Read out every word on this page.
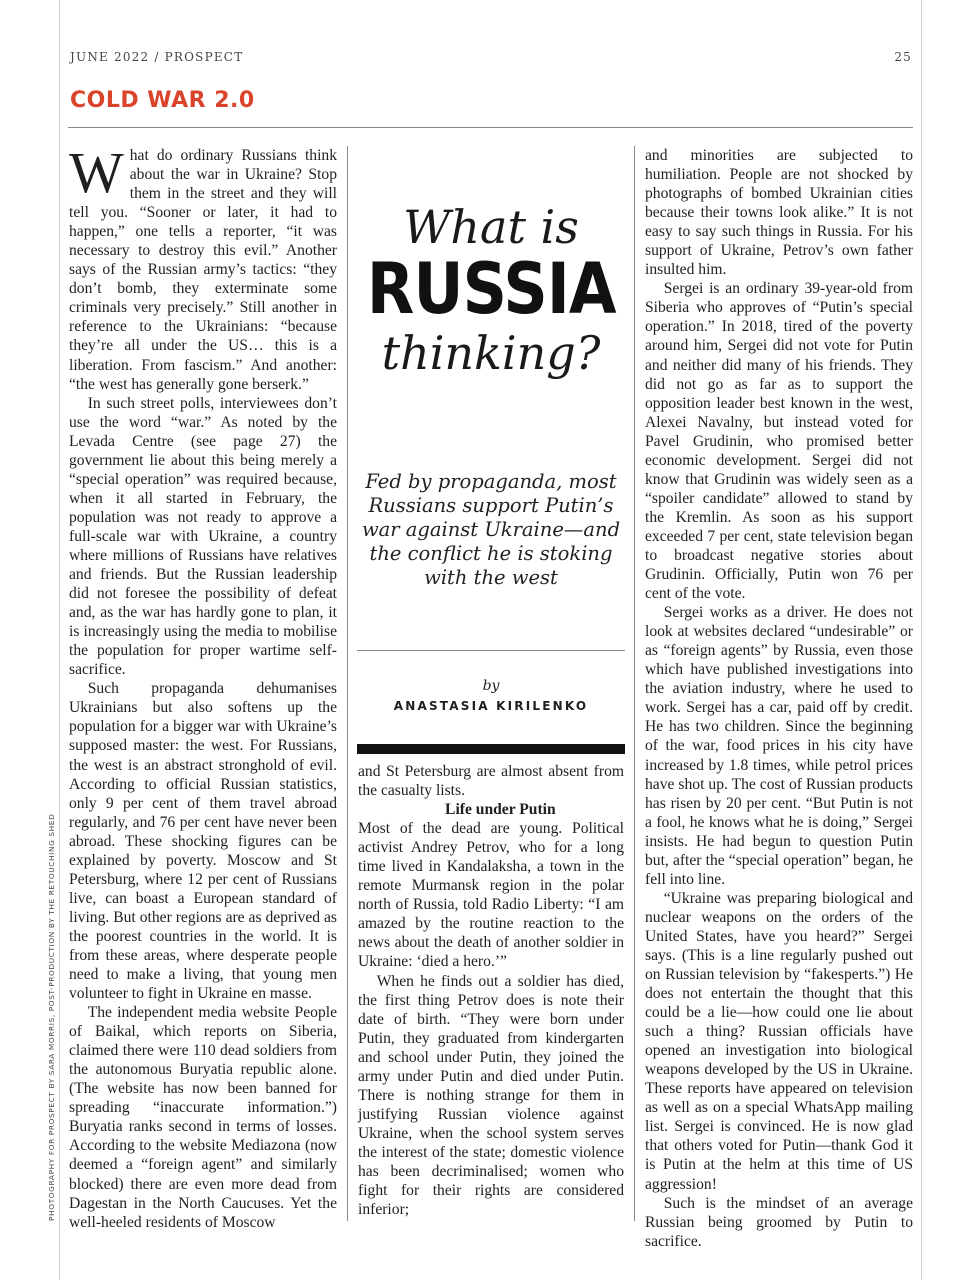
JUNE 2022 / PROSPECT	25
COLD WAR 2.0

What do ordinary Russians think about the war in Ukraine? Stop them in the street and they will tell you. “Sooner or later, it had to happen,” one tells a reporter, “it was necessary to destroy this evil.” Another says of the Russian army’s tactics: “they don’t bomb, they exterminate some criminals very precisely.” Still another in reference to the Ukrainians: “because they’re all under the US… this is a liberation. From fascism.” And another: “the west has generally gone berserk.”

In such street polls, interviewees don’t use the word “war.” As noted by the Levada Centre (see page 27) the government lie about this being merely a “special operation” was required because, when it all started in February, the population was not ready to approve a full-scale war with Ukraine, a country where millions of Russians have relatives and friends. But the Russian leadership did not foresee the possibility of defeat and, as the war has hardly gone to plan, it is increasingly using the media to mobilise the population for proper wartime self-sacrifice.

Such propaganda dehumanises Ukrainians but also softens up the population for a bigger war with Ukraine’s supposed master: the west. For Russians, the west is an abstract stronghold of evil. According to official Russian statistics, only 9 per cent of them travel abroad regularly, and 76 per cent have never been abroad. These shocking figures can be explained by poverty. Moscow and St Petersburg, where 12 per cent of Russians live, can boast a European standard of living. But other regions are as deprived as the poorest countries in the world. It is from these areas, where desperate people need to make a living, that young men volunteer to fight in Ukraine en masse.

The independent media website People of Baikal, which reports on Siberia, claimed there were 110 dead soldiers from the autonomous Buryatia republic alone. (The website has now been banned for spreading “inaccurate information.”) Buryatia ranks second in terms of losses. According to the website Mediazona (now deemed a “foreign agent” and similarly blocked) there are even more dead from Dagestan in the North Caucuses. Yet the well-heeled residents of Moscow

What is
RUSSIA
thinking?
Fed by propaganda, most Russians support Putin’s war against Ukraine—and the conflict he is stoking with the west
by
ANASTASIA KIRILENKO

and St Petersburg are almost absent from the casualty lists.

Life under Putin

Most of the dead are young. Political activist Andrey Petrov, who for a long time lived in Kandalaksha, a town in the remote Murmansk region in the polar north of Russia, told Radio Liberty: “I am amazed by the routine reaction to the news about the death of another soldier in Ukraine: ‘died a hero.’”

When he finds out a soldier has died, the first thing Petrov does is note their date of birth. “They were born under Putin, they graduated from kindergarten and school under Putin, they joined the army under Putin and died under Putin. There is nothing strange for them in justifying Russian violence against Ukraine, when the school system serves the interest of the state; domestic violence has been decriminalised; women who fight for their rights are considered inferior;

and minorities are subjected to humiliation. People are not shocked by photographs of bombed Ukrainian cities because their towns look alike.” It is not easy to say such things in Russia. For his support of Ukraine, Petrov’s own father insulted him.

Sergei is an ordinary 39-year-old from Siberia who approves of “Putin’s special operation.” In 2018, tired of the poverty around him, Sergei did not vote for Putin and neither did many of his friends. They did not go as far as to support the opposition leader best known in the west, Alexei Navalny, but instead voted for Pavel Grudinin, who promised better economic development. Sergei did not know that Grudinin was widely seen as a “spoiler candidate” allowed to stand by the Kremlin. As soon as his support exceeded 7 per cent, state television began to broadcast negative stories about Grudinin. Officially, Putin won 76 per cent of the vote.

Sergei works as a driver. He does not look at websites declared “undesirable” or as “foreign agents” by Russia, even those which have published investigations into the aviation industry, where he used to work. Sergei has a car, paid off by credit. He has two children. Since the beginning of the war, food prices in his city have increased by 1.8 times, while petrol prices have shot up. The cost of Russian products has risen by 20 per cent. “But Putin is not a fool, he knows what he is doing,” Sergei insists. He had begun to question Putin but, after the “special operation” began, he fell into line.

“Ukraine was preparing biological and nuclear weapons on the orders of the United States, have you heard?” Sergei says. (This is a line regularly pushed out on Russian television by “fakesperts.”) He does not entertain the thought that this could be a lie—how could one lie about such a thing? Russian officials have opened an investigation into biological weapons developed by the US in Ukraine. These reports have appeared on television as well as on a special WhatsApp mailing list. Sergei is convinced. He is now glad that others voted for Putin—thank God it is Putin at the helm at this time of US aggression!

Such is the mindset of an average Russian being groomed by Putin to sacrifice.

PHOTOGRAPHY FOR PROSPECT BY SARA MORRIS, POST-PRODUCTION BY THE RETOUCHING SHED
